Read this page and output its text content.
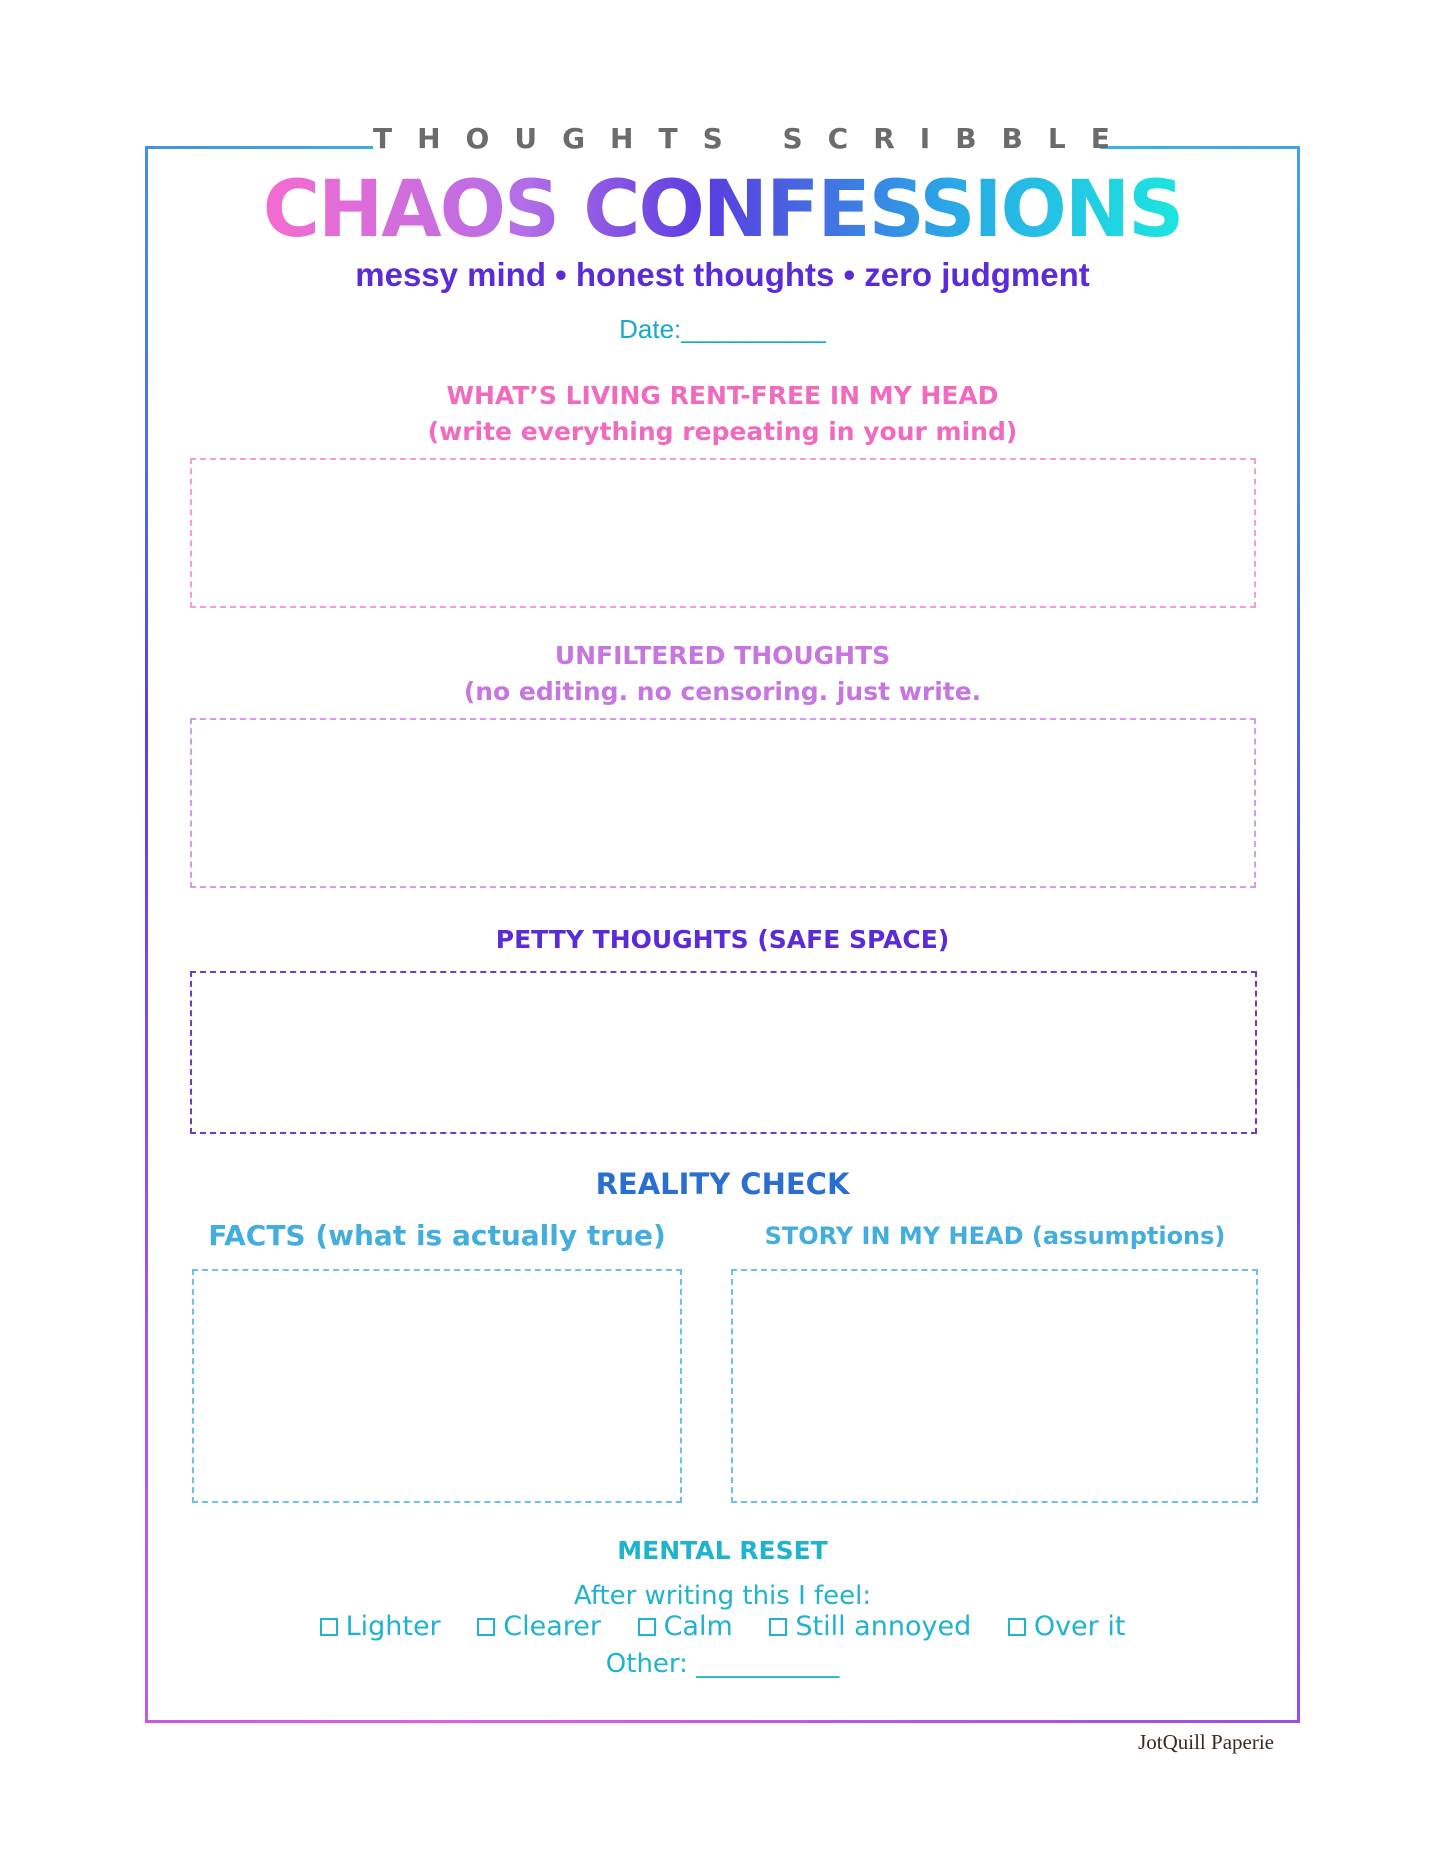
THOUGHTS SCRIBBLE
CHAOS CONFESSIONS
messy mind • honest thoughts • zero judgment
Date:__________
WHAT’S LIVING RENT-FREE IN MY HEAD
(write everything repeating in your mind)
UNFILTERED THOUGHTS
(no editing. no censoring. just write.
PETTY THOUGHTS (SAFE SPACE)
REALITY CHECK
FACTS (what is actually true)	STORY IN MY HEAD (assumptions)
MENTAL RESET
After writing this I feel:
Lighter Clearer Calm Still annoyed Over it
Other: ___________
JotQuill Paperie
